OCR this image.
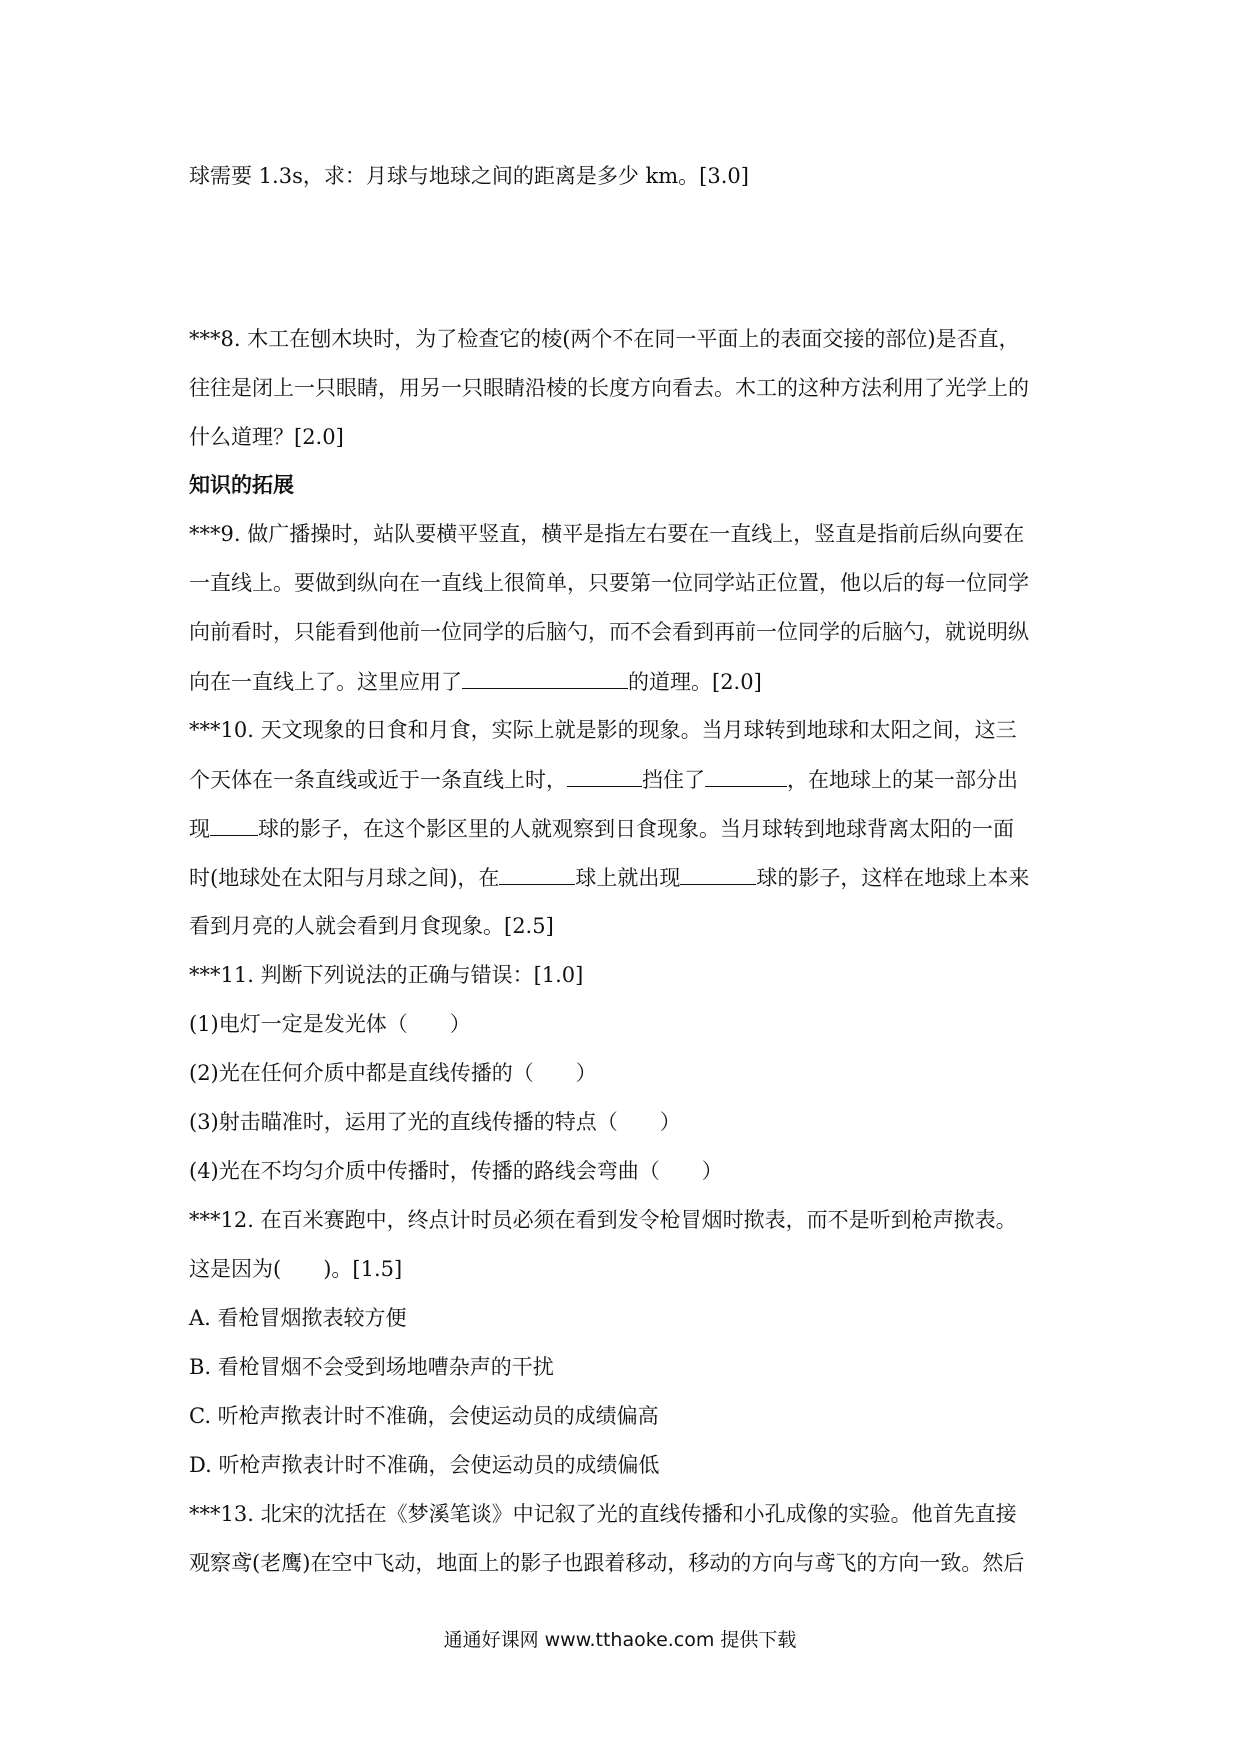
球需要 1.3s，求：月球与地球之间的距离是多少 km。[3.0]
***8. 木工在刨木块时，为了检查它的棱(两个不在同一平面上的表面交接的部位)是否直，
往往是闭上一只眼睛，用另一只眼睛沿棱的长度方向看去。木工的这种方法利用了光学上的
什么道理？[2.0]
知识的拓展
***9. 做广播操时，站队要横平竖直，横平是指左右要在一直线上，竖直是指前后纵向要在
一直线上。要做到纵向在一直线上很简单，只要第一位同学站正位置，他以后的每一位同学
向前看时，只能看到他前一位同学的后脑勺，而不会看到再前一位同学的后脑勺，就说明纵
向在一直线上了。这里应用了	的道理。[2.0]
***10. 天文现象的日食和月食，实际上就是影的现象。当月球转到地球和太阳之间，这三
个天体在一条直线或近于一条直线上时，	挡住了	，在地球上的某一部分出
现 球的影子，在这个影区里的人就观察到日食现象。当月球转到地球背离太阳的一面
时(地球处在太阳与月球之间)，在	球上就出现	球的影子，这样在地球上本来
看到月亮的人就会看到月食现象。[2.5]
***11. 判断下列说法的正确与错误：[1.0]
(1)电灯一定是发光体（　　）
(2)光在任何介质中都是直线传播的（　　）
(3)射击瞄准时，运用了光的直线传播的特点（　　）
(4)光在不均匀介质中传播时，传播的路线会弯曲（　　）
***12. 在百米赛跑中，终点计时员必须在看到发令枪冒烟时揿表，而不是听到枪声揿表。
这是因为(　　)。[1.5]
A. 看枪冒烟揿表较方便
B. 看枪冒烟不会受到场地嘈杂声的干扰
C. 听枪声揿表计时不准确，会使运动员的成绩偏高
D. 听枪声揿表计时不准确，会使运动员的成绩偏低
***13. 北宋的沈括在《梦溪笔谈》中记叙了光的直线传播和小孔成像的实验。他首先直接
观察鸢(老鹰)在空中飞动，地面上的影子也跟着移动，移动的方向与鸢飞的方向一致。然后
通通好课网 www.tthaoke.com 提供下载
